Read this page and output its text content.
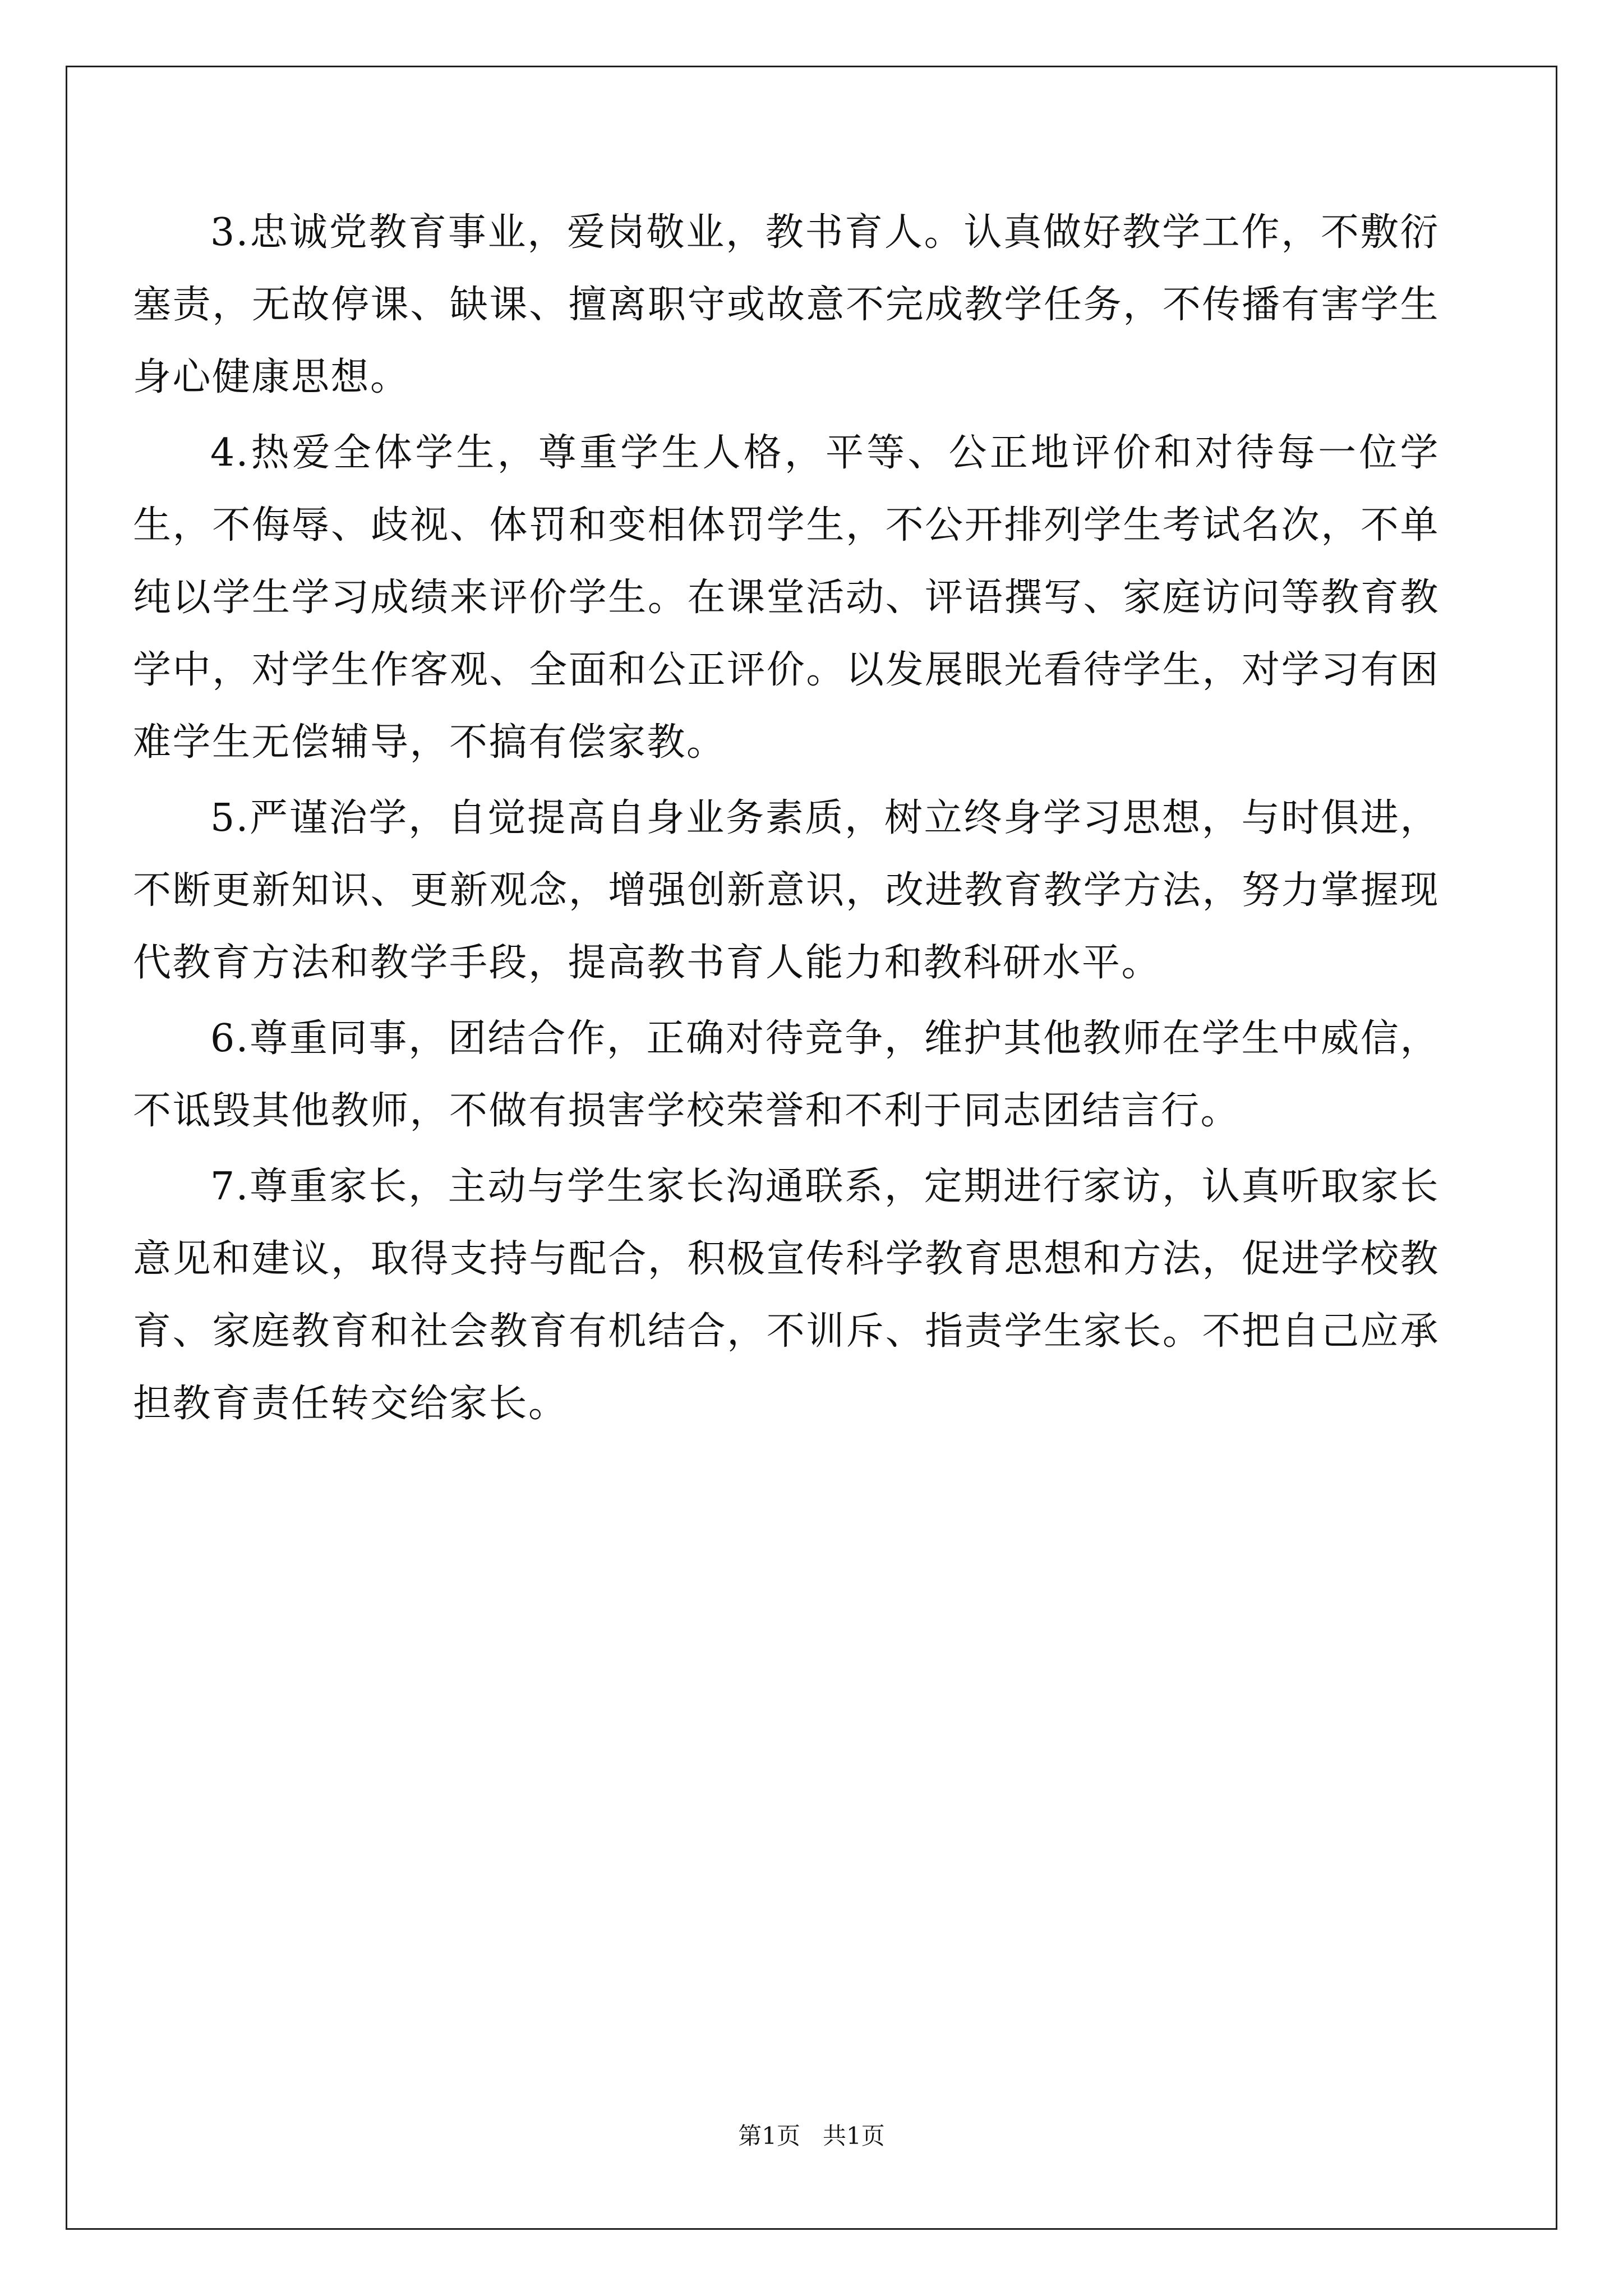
3.忠诚党教育事业，爱岗敬业，教书育人。认真做好教学工作，不敷衍塞责，无故停课、缺课、擅离职守或故意不完成教学任务，不传播有害学生身心健康思想。

4.热爱全体学生，尊重学生人格，平等、公正地评价和对待每一位学生，不侮辱、歧视、体罚和变相体罚学生，不公开排列学生考试名次，不单纯以学生学习成绩来评价学生。在课堂活动、评语撰写、家庭访问等教育教学中，对学生作客观、全面和公正评价。以发展眼光看待学生，对学习有困难学生无偿辅导，不搞有偿家教。

5.严谨治学，自觉提高自身业务素质，树立终身学习思想，与时俱进，不断更新知识、更新观念，增强创新意识，改进教育教学方法，努力掌握现代教育方法和教学手段，提高教书育人能力和教科研水平。

6.尊重同事，团结合作，正确对待竞争，维护其他教师在学生中威信，不诋毁其他教师，不做有损害学校荣誉和不利于同志团结言行。

7.尊重家长，主动与学生家长沟通联系，定期进行家访，认真听取家长意见和建议，取得支持与配合，积极宣传科学教育思想和方法，促进学校教育、家庭教育和社会教育有机结合，不训斥、指责学生家长。不把自己应承担教育责任转交给家长。

第1页 共1页
